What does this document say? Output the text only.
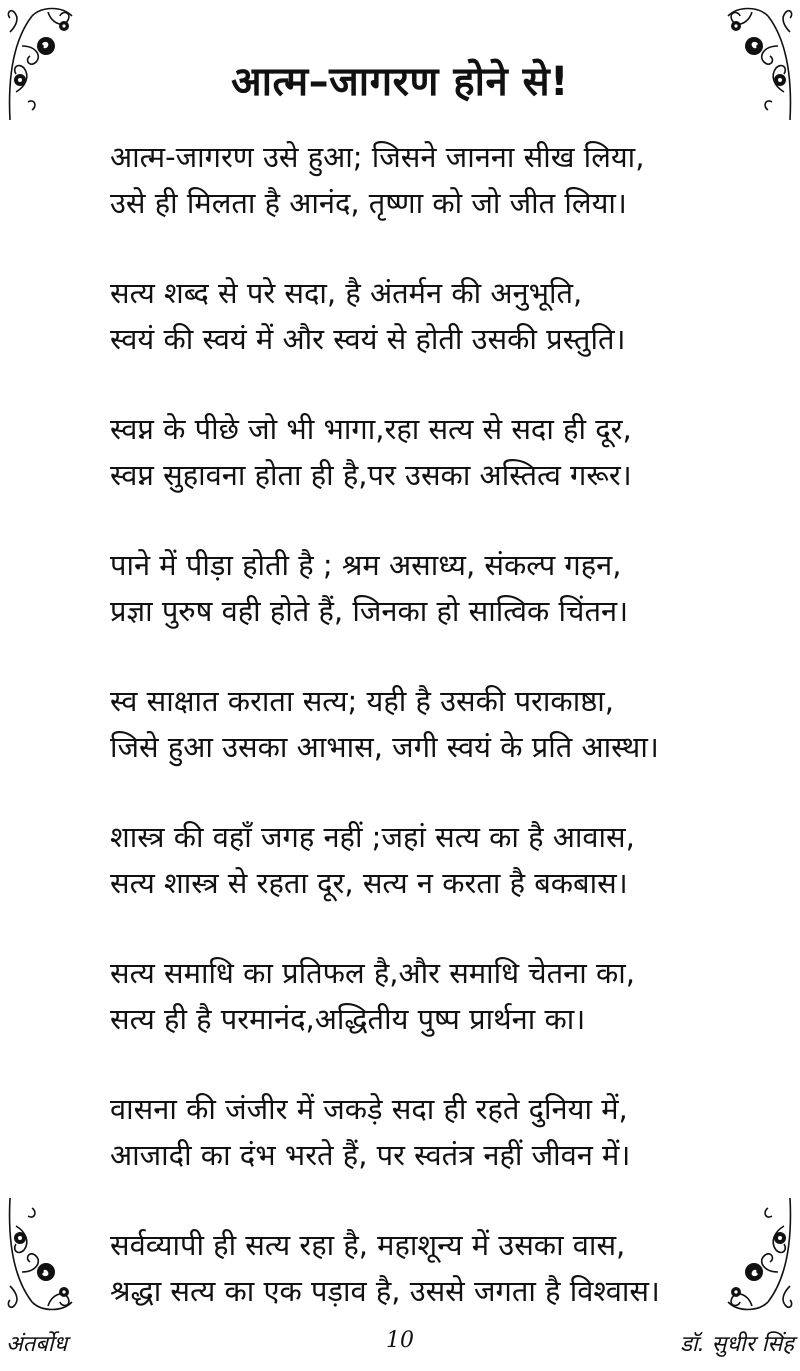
आत्म–जागरण होने से!
आत्म-जागरण उसे हुआ; जिसने जानना सीख लिया,
उसे ही मिलता है आनंद, तृष्णा को जो जीत लिया।
सत्य शब्द से परे सदा, है अंतर्मन की अनुभूति,
स्वयं की स्वयं में और स्वयं से होती उसकी प्रस्तुति।
स्वप्न के पीछे जो भी भागा,रहा सत्य से सदा ही दूर,
स्वप्न सुहावना होता ही है,पर उसका अस्तित्व गरूर।
पाने में पीड़ा होती है ; श्रम असाध्य, संकल्प गहन,
प्रज्ञा पुरुष वही होते हैं, जिनका हो सात्विक चिंतन।
स्व साक्षात कराता सत्य; यही है उसकी पराकाष्ठा,
जिसे हुआ उसका आभास, जगी स्वयं के प्रति आस्था।
शास्त्र की वहाँ जगह नहीं ;जहां सत्य का है आवास,
सत्य शास्त्र से रहता दूर, सत्य न करता है बकबास।
सत्य समाधि का प्रतिफल है,और समाधि चेतना का,
सत्य ही है परमानंद,अद्धितीय पुष्प प्रार्थना का।
वासना की जंजीर में जकड़े सदा ही रहते दुनिया में,
आजादी का दंभ भरते हैं, पर स्वतंत्र नहीं जीवन में।
सर्वव्यापी ही सत्य रहा है, महाशून्य में उसका वास,
श्रद्धा सत्य का एक पड़ाव है, उससे जगता है विश्वास।
अंतर्बोध	10	डॉ. सुधीर सिंह
